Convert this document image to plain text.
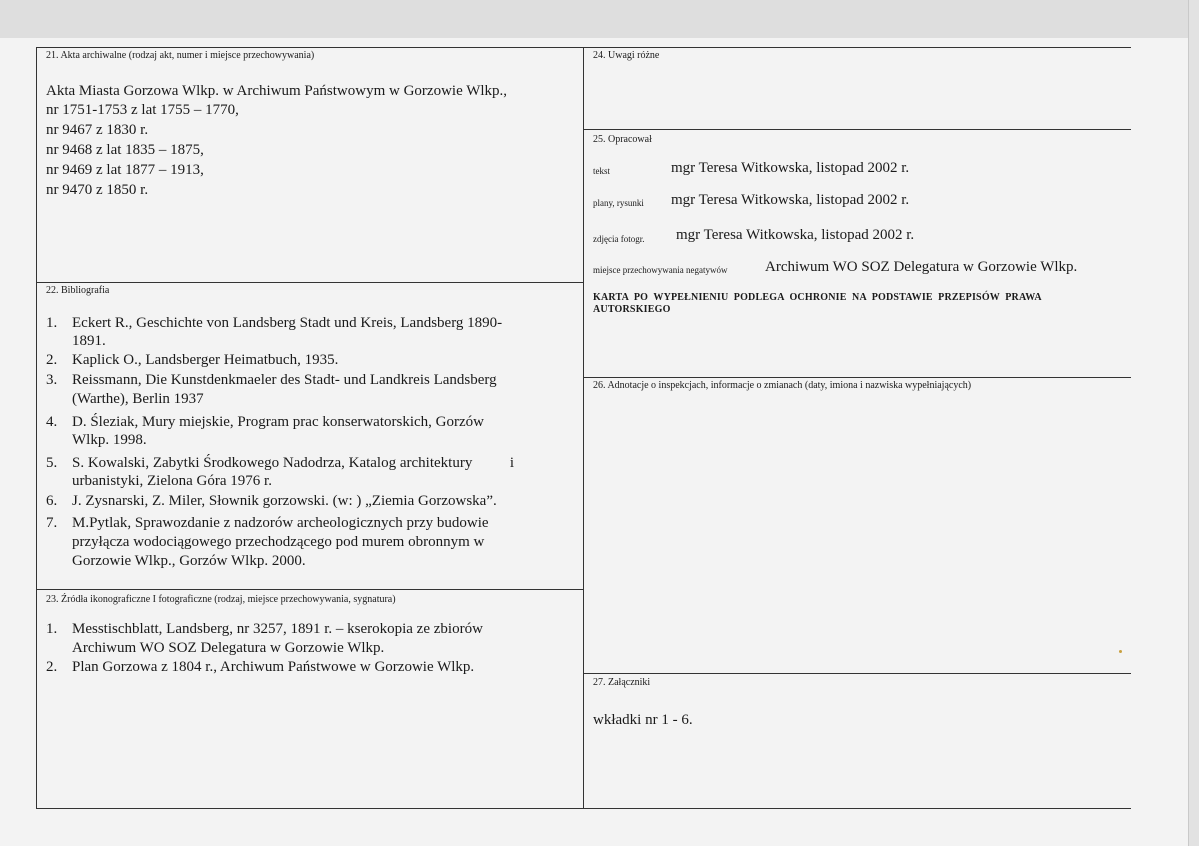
21. Akta archiwalne (rodzaj akt, numer i miejsce przechowywania)
Akta Miasta Gorzowa Wlkp. w Archiwum Państwowym w Gorzowie Wlkp.,
nr 1751-1753 z lat 1755 – 1770,
nr 9467 z 1830 r.
nr 9468 z lat 1835 – 1875,
nr 9469 z lat 1877 – 1913,
nr 9470 z 1850 r.
22. Bibliografia
1. Eckert R., Geschichte von Landsberg Stadt und Kreis, Landsberg 1890-
1891.
2. Kaplick O., Landsberger Heimatbuch, 1935.
3. Reissmann, Die Kunstdenkmaeler des Stadt- und Landkreis Landsberg
(Warthe), Berlin 1937
4. D. Śleziak, Mury miejskie, Program prac konserwatorskich, Gorzów
Wlkp. 1998.
5. S. Kowalski, Zabytki Środkowego Nadodrza, Katalog architektury          i
urbanistyki, Zielona Góra 1976 r.
6. J. Zysnarski, Z. Miler, Słownik gorzowski. (w: ) „Ziemia Gorzowska”.
7. M.Pytlak, Sprawozdanie z nadzorów archeologicznych przy budowie
przyłącza wodociągowego przechodzącego pod murem obronnym w
Gorzowie Wlkp., Gorzów Wlkp. 2000.
23. Źródła ikonograficzne I fotograficzne (rodzaj, miejsce przechowywania, sygnatura)
1. Messtischblatt, Landsberg, nr 3257, 1891 r. – kserokopia ze zbiorów
Archiwum WO SOZ Delegatura w Gorzowie Wlkp.
2. Plan Gorzowa z 1804 r., Archiwum Państwowe w Gorzowie Wlkp.
24. Uwagi różne
25. Opracował
tekst	mgr Teresa Witkowska, listopad 2002 r.
plany, rysunki mgr Teresa Witkowska, listopad 2002 r.
zdjęcia fotogr. mgr Teresa Witkowska, listopad 2002 r.
miejsce przechowywania negatywów	Archiwum WO SOZ Delegatura w Gorzowie Wlkp.
KARTA  PO  WYPEŁNIENIU  PODLEGA  OCHRONIE  NA  PODSTAWIE  PRZEPISÓW  PRAWA
AUTORSKIEGO
26. Adnotacje o inspekcjach, informacje o zmianach (daty, imiona i nazwiska wypełniających)
27. Załączniki
wkładki nr 1 - 6.
